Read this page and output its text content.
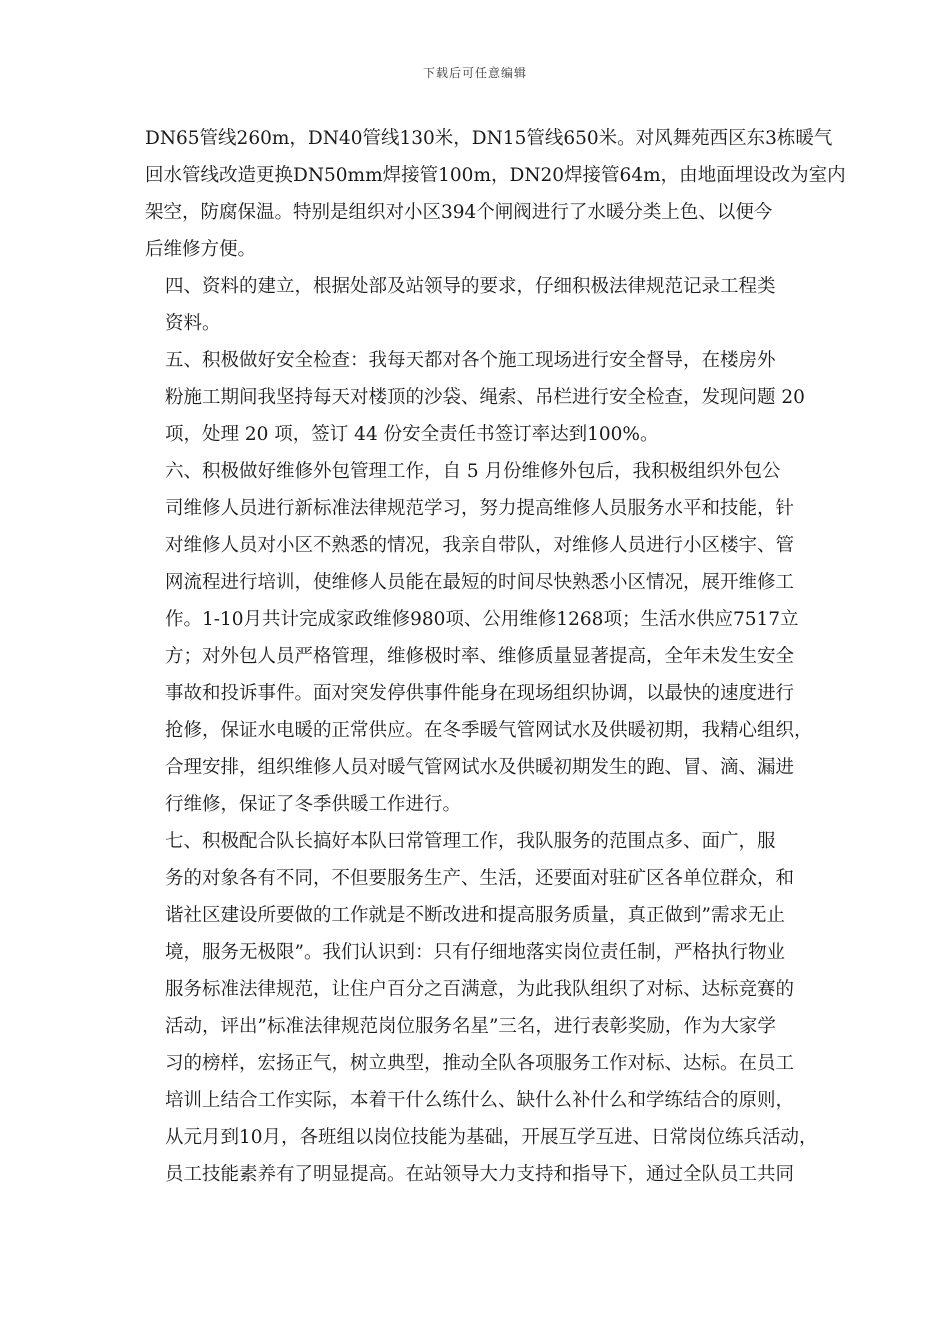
下载后可任意编辑
DN65管线260m，DN40管线130米，DN15管线650米。对风舞苑西区东3栋暖气
回水管线改造更换DN50mm焊接管100m，DN20焊接管64m，由地面埋设改为室内
架空，防腐保温。特别是组织对小区394个闸阀进行了水暖分类上色、以便今
后维修方便。
四、资料的建立，根据处部及站领导的要求，仔细积极法律规范记录工程类
资料。
五、积极做好安全检查：我每天都对各个施工现场进行安全督导，在楼房外
粉施工期间我坚持每天对楼顶的沙袋、绳索、吊栏进行安全检查，发现问题 20
项，处理 20 项，签订 44 份安全责任书签订率达到100%。
六、积极做好维修外包管理工作，自 5 月份维修外包后，我积极组织外包公
司维修人员进行新标准法律规范学习，努力提高维修人员服务水平和技能，针
对维修人员对小区不熟悉的情况，我亲自带队，对维修人员进行小区楼宇、管
网流程进行培训，使维修人员能在最短的时间尽快熟悉小区情况，展开维修工
作。1-10月共计完成家政维修980项、公用维修1268项；生活水供应7517立
方；对外包人员严格管理，维修极时率、维修质量显著提高，全年未发生安全
事故和投诉事件。面对突发停供事件能身在现场组织协调，以最快的速度进行
抢修，保证水电暖的正常供应。在冬季暖气管网试水及供暖初期，我精心组织，
合理安排，组织维修人员对暖气管网试水及供暖初期发生的跑、冒、滴、漏进
行维修，保证了冬季供暖工作进行。
七、积极配合队长搞好本队曰常管理工作，我队服务的范围点多、面广，服
务的对象各有不同，不但要服务生产、生活，还要面对驻矿区各单位群众，和
谐社区建设所要做的工作就是不断改进和提高服务质量，真正做到”需求无止
境，服务无极限”。我们认识到：只有仔细地落实岗位责任制，严格执行物业
服务标准法律规范，让住户百分之百满意，为此我队组织了对标、达标竞赛的
活动，评出”标准法律规范岗位服务名星”三名，进行表彰奖励，作为大家学
习的榜样，宏扬正气，树立典型，推动全队各项服务工作对标、达标。在员工
培训上结合工作实际，本着干什么练什么、缺什么补什么和学练结合的原则，
从元月到10月，各班组以岗位技能为基础，开展互学互进、日常岗位练兵活动，
员工技能素养有了明显提高。在站领导大力支持和指导下，通过全队员工共同
